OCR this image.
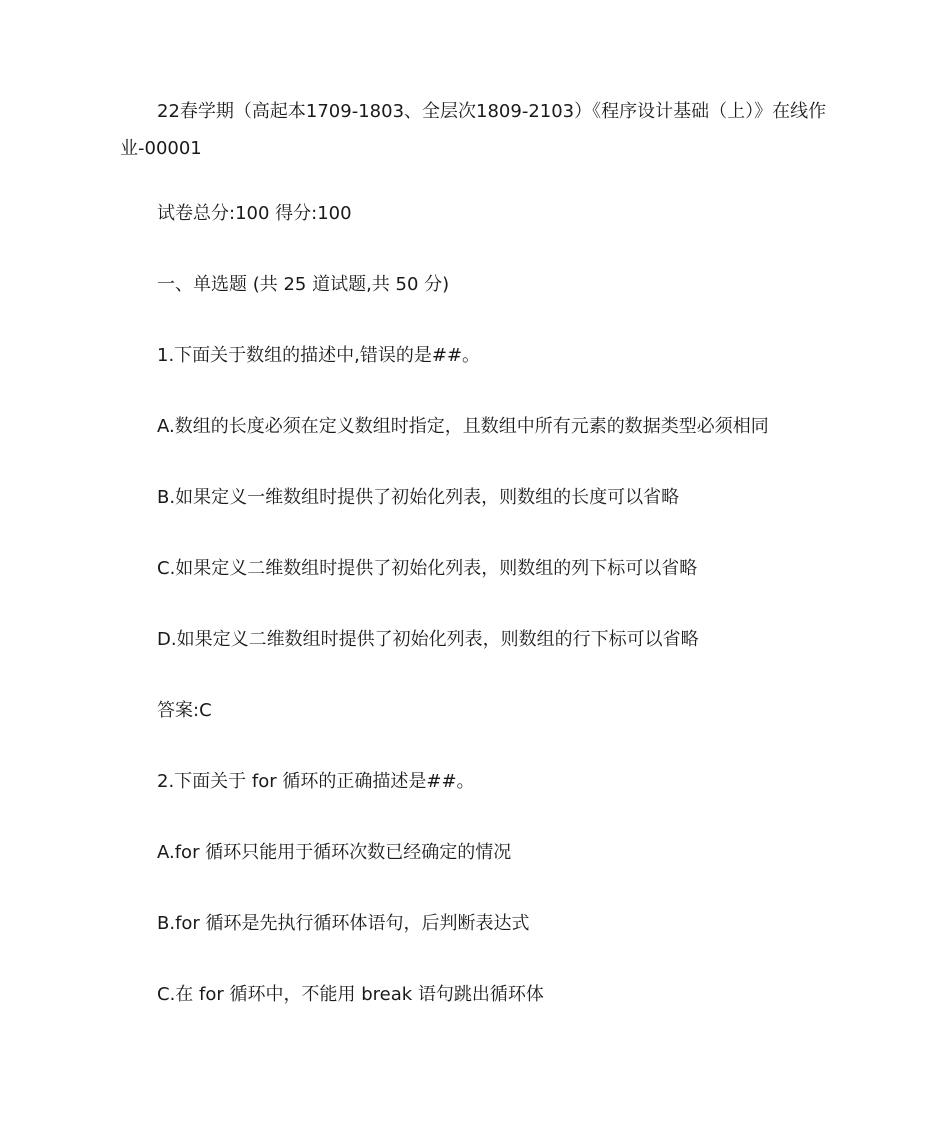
22春学期（高起本1709-1803、全层次1809-2103）《程序设计基础（上）》在线作业-00001
试卷总分:100 得分:100
一、单选题 (共 25 道试题,共 50 分)
1.下面关于数组的描述中,错误的是##。
A.数组的长度必须在定义数组时指定，且数组中所有元素的数据类型必须相同
B.如果定义一维数组时提供了初始化列表，则数组的长度可以省略
C.如果定义二维数组时提供了初始化列表，则数组的列下标可以省略
D.如果定义二维数组时提供了初始化列表，则数组的行下标可以省略
答案:C
2.下面关于 for 循环的正确描述是##。
A.for 循环只能用于循环次数已经确定的情况
B.for 循环是先执行循环体语句，后判断表达式
C.在 for 循环中，不能用 break 语句跳出循环体
